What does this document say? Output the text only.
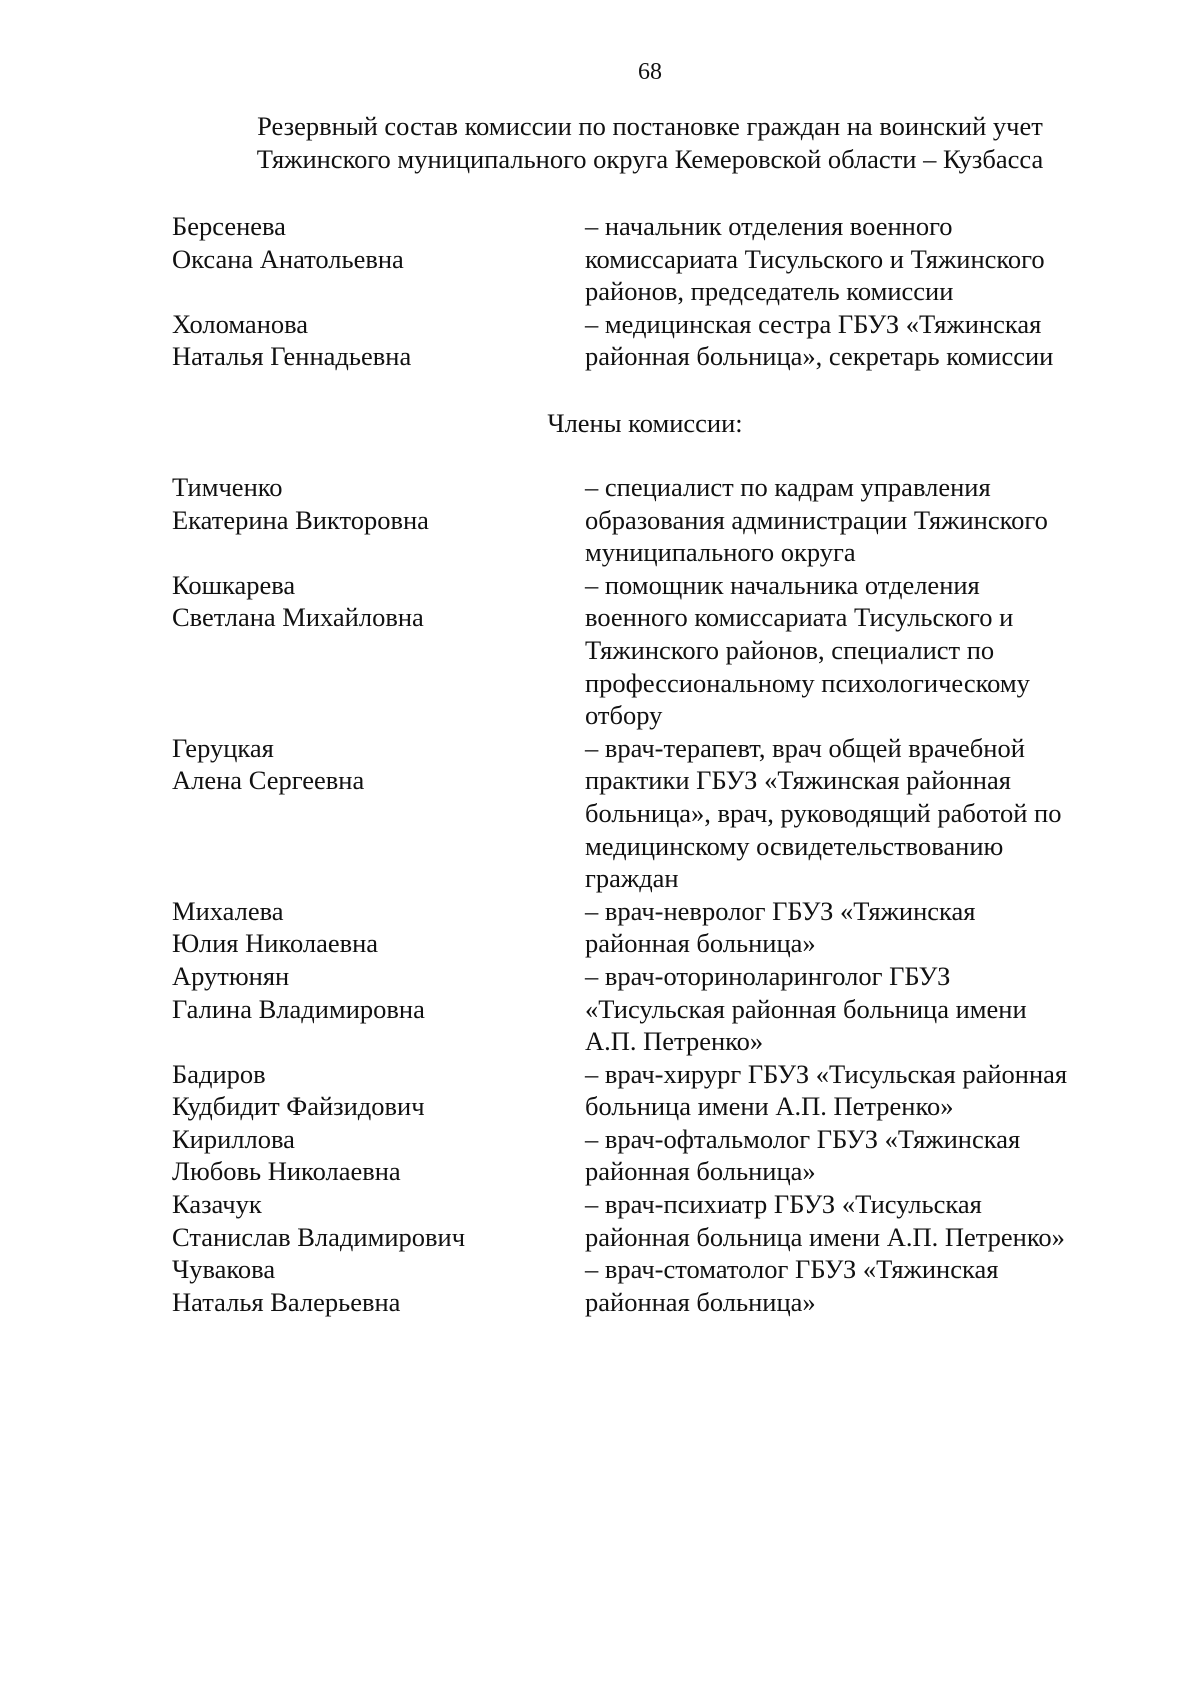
68
Резервный состав комиссии по постановке граждан на воинский учет
Тяжинского муниципального округа Кемеровской области – Кузбасса
Берсенева
Оксана Анатольевна
– начальник отделения военного
комиссариата Тисульского и Тяжинского
районов, председатель комиссии
Холоманова
Наталья Геннадьевна
– медицинская сестра ГБУЗ «Тяжинская
районная больница», секретарь комиссии
Члены комиссии:
Тимченко
Екатерина Викторовна
– специалист по кадрам управления
образования администрации Тяжинского
муниципального округа
Кошкарева
Светлана Михайловна
– помощник начальника отделения
военного комиссариата Тисульского и
Тяжинского районов, специалист по
профессиональному психологическому
отбору
Геруцкая
Алена Сергеевна
– врач-терапевт, врач общей врачебной
практики ГБУЗ «Тяжинская районная
больница», врач, руководящий работой по
медицинскому освидетельствованию
граждан
Михалева
Юлия Николаевна
– врач-невролог ГБУЗ «Тяжинская
районная больница»
Арутюнян
Галина Владимировна
– врач-оториноларинголог ГБУЗ
«Тисульская районная больница имени
А.П. Петренко»
Бадиров
Кудбидит Файзидович
– врач-хирург ГБУЗ «Тисульская районная
больница имени А.П. Петренко»
Кириллова
Любовь Николаевна
– врач-офтальмолог ГБУЗ «Тяжинская
районная больница»
Казачук
Станислав Владимирович
– врач-психиатр ГБУЗ «Тисульская
районная больница имени А.П. Петренко»
Чувакова
Наталья Валерьевна
– врач-стоматолог ГБУЗ «Тяжинская
районная больница»
